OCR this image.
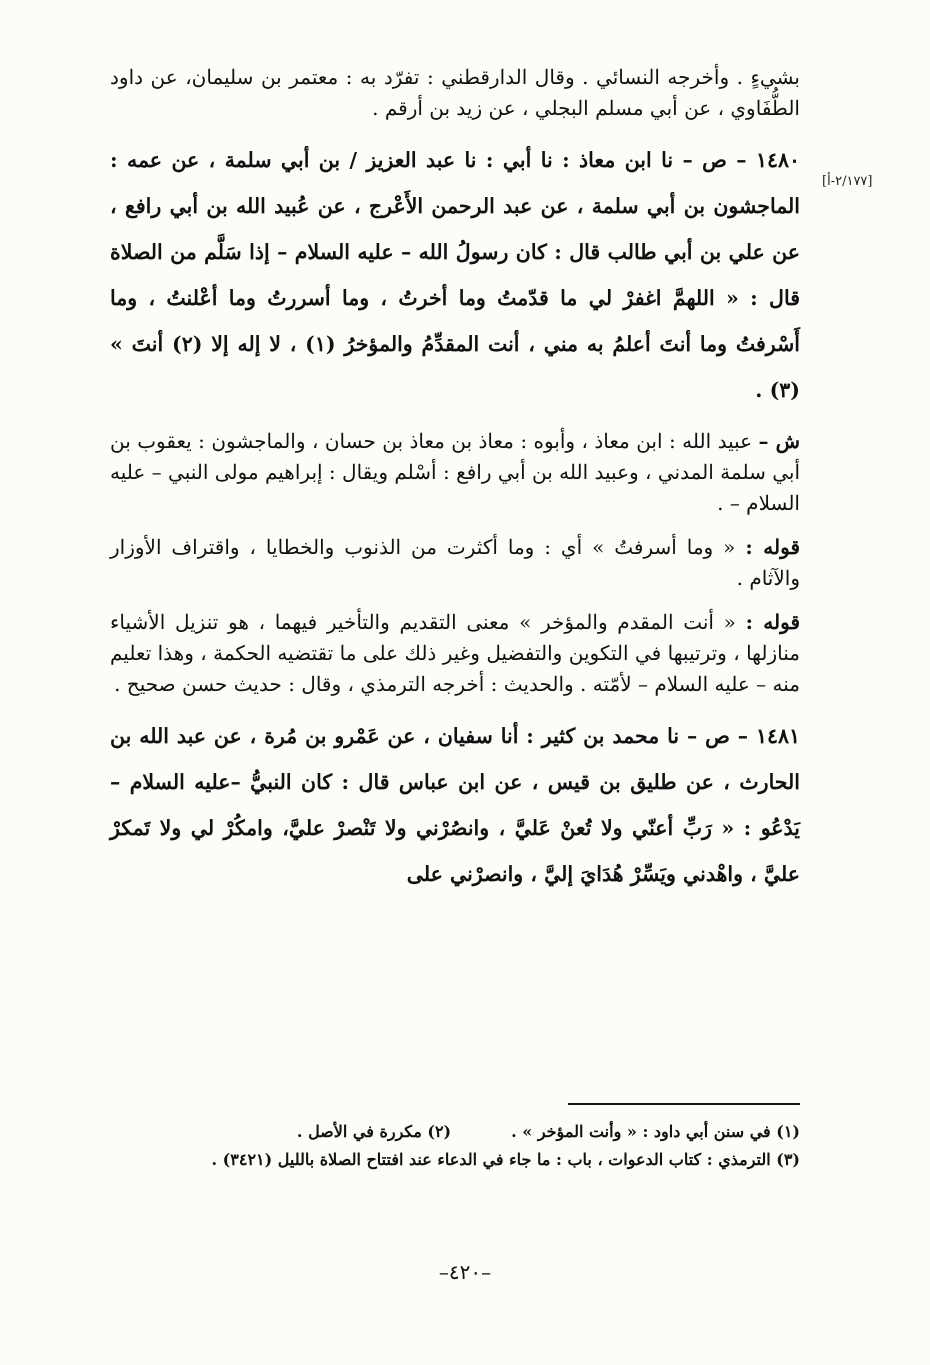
[٢/١٧٧-أ]

بشيءٍ . وأخرجه النسائي . وقال الدارقطني : تفرّد به : معتمر بن سليمان، عن داود الطُّفَاوي ، عن أبي مسلم البجلي ، عن زيد بن أرقم .

١٤٨٠ – ص – نا ابن معاذ : نا أبي : نا عبد العزيز / بن أبي سلمة ، عن عمه : الماجشون بن أبي سلمة ، عن عبد الرحمن الأَعْرج ، عن عُبيد الله بن أبي رافع ، عن علي بن أبي طالب قال : كان رسولُ الله – عليه السلام – إذا سَلَّم من الصلاة قال : « اللهمَّ اغفرْ لي ما قدّمتُ وما أخرتُ ، وما أسررتُ وما أعْلنتُ ، وما أَسْرفتُ وما أنتَ أعلمُ به مني ، أنت المقدِّمُ والمؤخرُ (١) ، لا إله إلا (٢) أنتَ » (٣) .

ش – عبيد الله : ابن معاذ ، وأبوه : معاذ بن معاذ بن حسان ، والماجشون : يعقوب بن أبي سلمة المدني ، وعبيد الله بن أبي رافع : أسْلم ويقال : إبراهيم مولى النبي – عليه السلام – .

قوله : « وما أسرفتُ » أي : وما أكثرت من الذنوب والخطايا ، واقتراف الأوزار والآثام .

قوله : « أنت المقدم والمؤخر » معنى التقديم والتأخير فيهما ، هو تنزيل الأشياء منازلها ، وترتيبها في التكوين والتفضيل وغير ذلك على ما تقتضيه الحكمة ، وهذا تعليم منه – عليه السلام – لأمّته . والحديث : أخرجه الترمذي ، وقال : حديث حسن صحيح .

١٤٨١ – ص – نا محمد بن كثير : أنا سفيان ، عن عَمْرو بن مُرة ، عن عبد الله بن الحارث ، عن طليق بن قيس ، عن ابن عباس قال : كان النبيُّ –عليه السلام – يَدْعُو : « رَبِّ أعنّي ولا تُعنْ عَليَّ ، وانصُرْني ولا تَنْصرْ عليَّ، وامكُرْ لي ولا تَمكرْ عليَّ ، واهْدني ويَسِّرْ هُدَايَ إليَّ ، وانصرْني على

(١) في سنن أبي داود : « وأنت المؤخر » .
(٢) مكررة في الأصل .
(٣) الترمذي : كتاب الدعوات ، باب : ما جاء في الدعاء عند افتتاح الصلاة بالليل (٣٤٢١) .
–٤٢٠–
